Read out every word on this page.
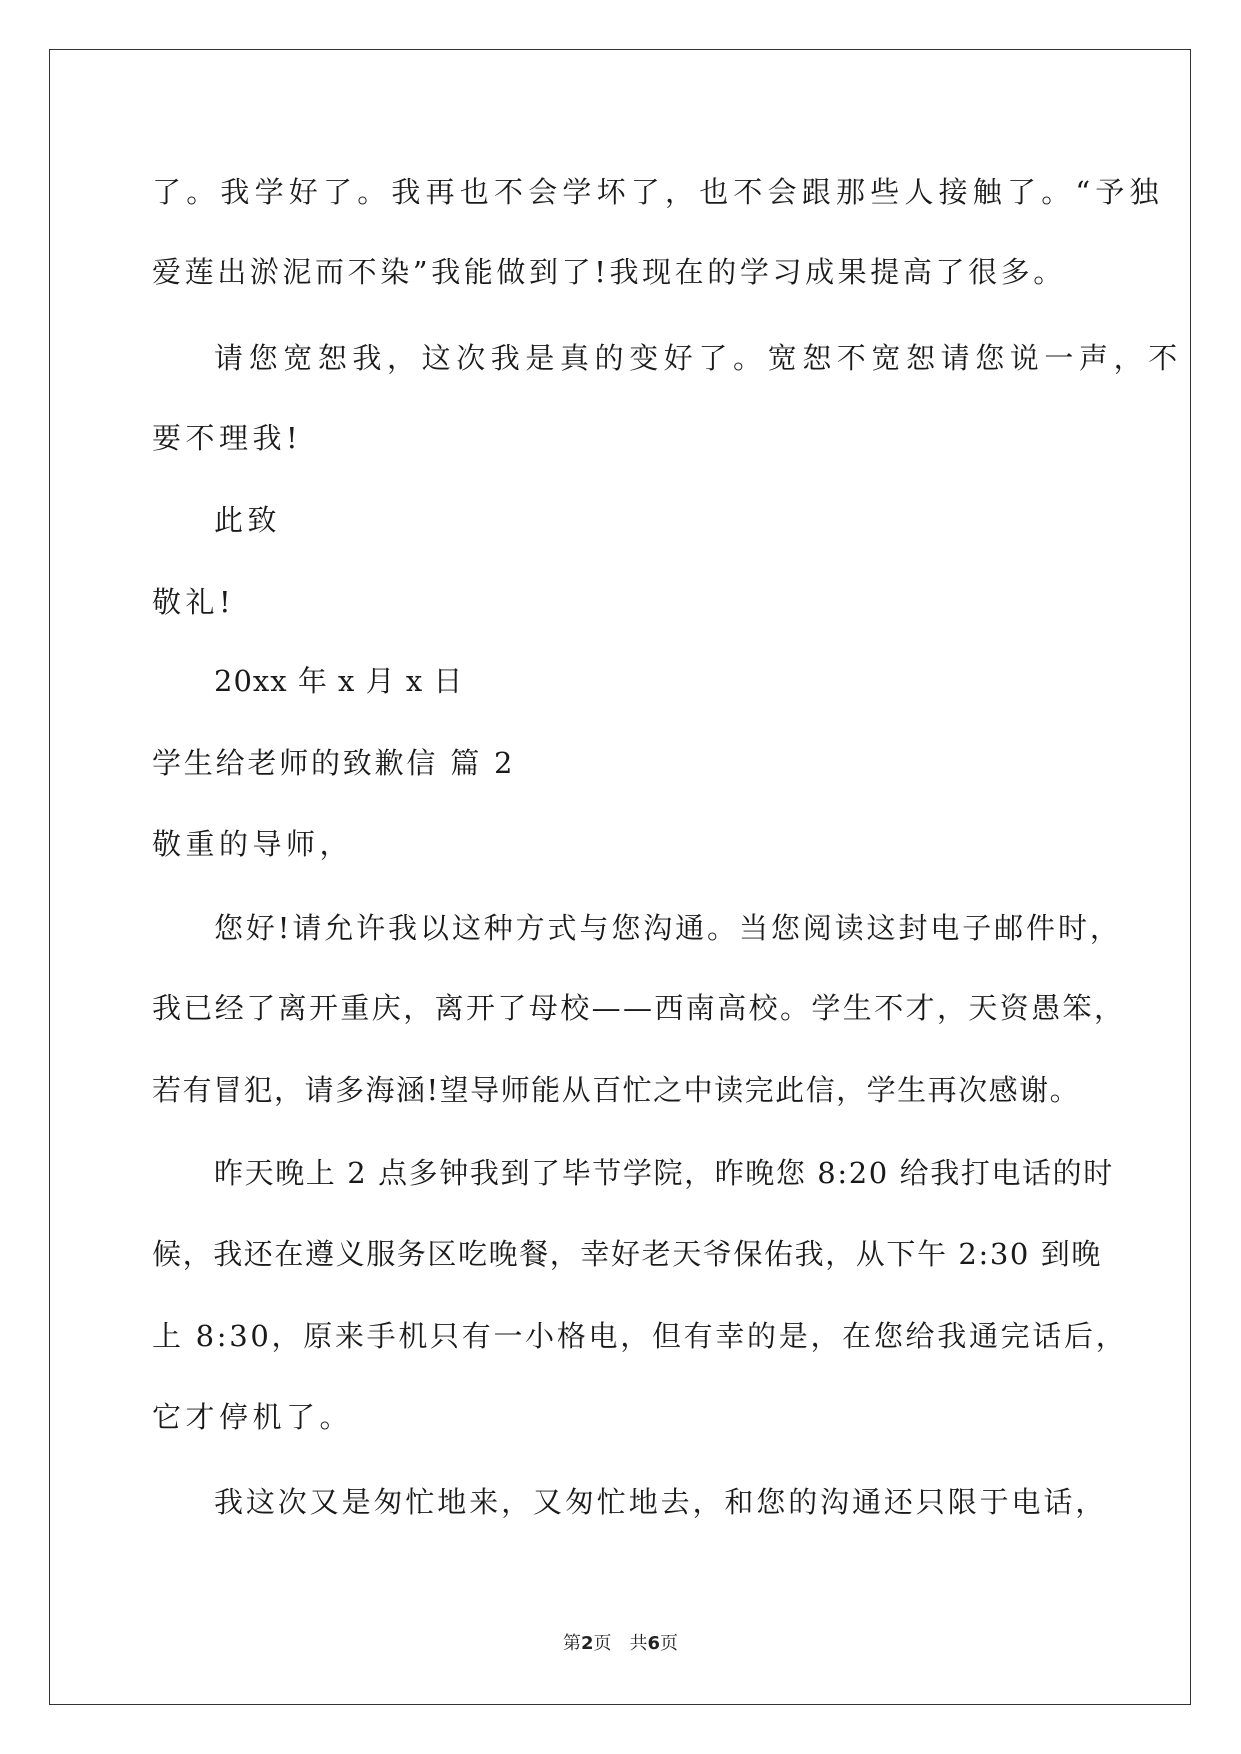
了。我学好了。我再也不会学坏了，也不会跟那些人接触了。“予独
爱莲出淤泥而不染”我能做到了!我现在的学习成果提高了很多。
请您宽恕我，这次我是真的变好了。宽恕不宽恕请您说一声，不
要不理我!
此致
敬礼!
20xx 年 x 月 x 日
学生给老师的致歉信 篇 2
敬重的导师，
您好!请允许我以这种方式与您沟通。当您阅读这封电子邮件时，
我已经了离开重庆，离开了母校——西南高校。学生不才，天资愚笨，
若有冒犯，请多海涵!望导师能从百忙之中读完此信，学生再次感谢。
昨天晚上 2 点多钟我到了毕节学院，昨晚您 8:20 给我打电话的时
候，我还在遵义服务区吃晚餐，幸好老天爷保佑我，从下午 2:30 到晚
上 8:30，原来手机只有一小格电，但有幸的是，在您给我通完话后，
它才停机了。
我这次又是匆忙地来，又匆忙地去，和您的沟通还只限于电话，
第2页 共6页
